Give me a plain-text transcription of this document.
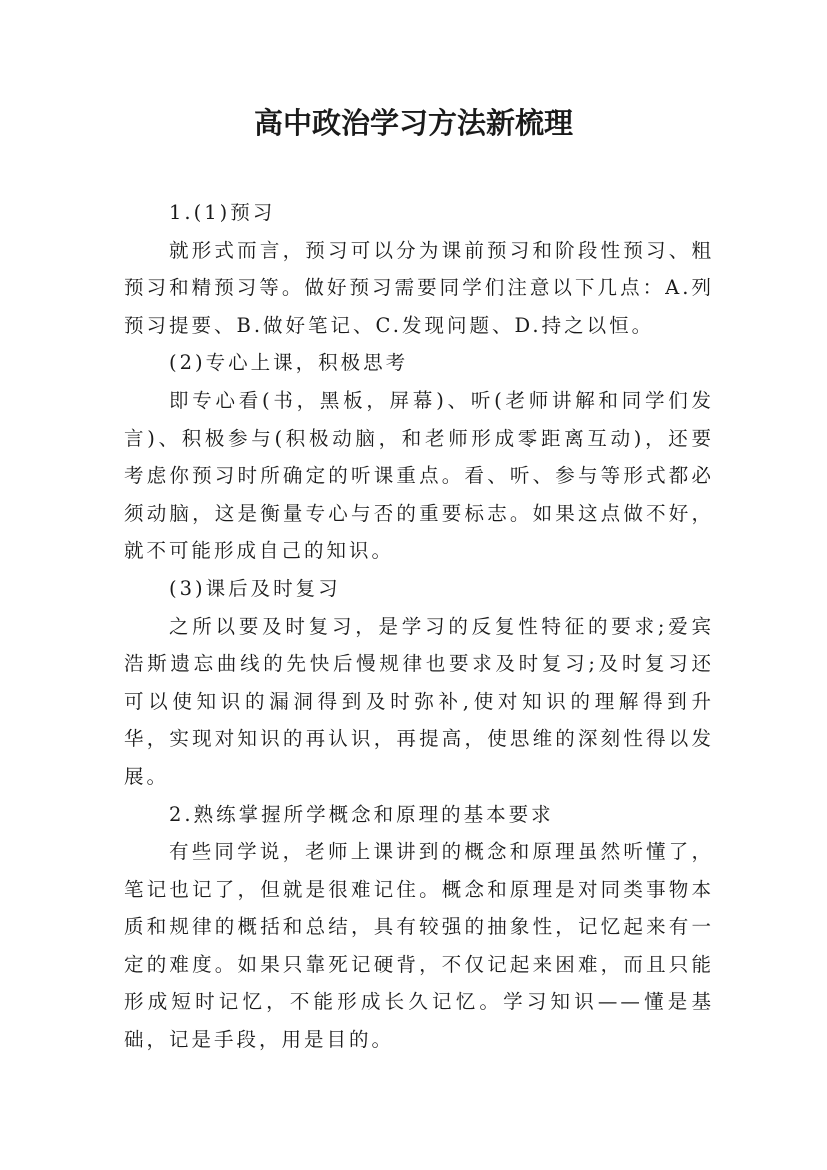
高中政治学习方法新梳理

1.(1)预习

就形式而言，预习可以分为课前预习和阶段性预习、粗预习和精预习等。做好预习需要同学们注意以下几点：A.列预习提要、B.做好笔记、C.发现问题、D.持之以恒。

(2)专心上课，积极思考

即专心看(书，黑板，屏幕)、听(老师讲解和同学们发言)、积极参与(积极动脑，和老师形成零距离互动)，还要考虑你预习时所确定的听课重点。看、听、参与等形式都必须动脑，这是衡量专心与否的重要标志。如果这点做不好，就不可能形成自己的知识。

(3)课后及时复习

之所以要及时复习，是学习的反复性特征的要求;爱宾浩斯遗忘曲线的先快后慢规律也要求及时复习;及时复习还可以使知识的漏洞得到及时弥补,使对知识的理解得到升华，实现对知识的再认识，再提高，使思维的深刻性得以发展。

2.熟练掌握所学概念和原理的基本要求

有些同学说，老师上课讲到的概念和原理虽然听懂了，笔记也记了，但就是很难记住。概念和原理是对同类事物本质和规律的概括和总结，具有较强的抽象性，记忆起来有一定的难度。如果只靠死记硬背，不仅记起来困难，而且只能形成短时记忆，不能形成长久记忆。学习知识——懂是基础，记是手段，用是目的。
